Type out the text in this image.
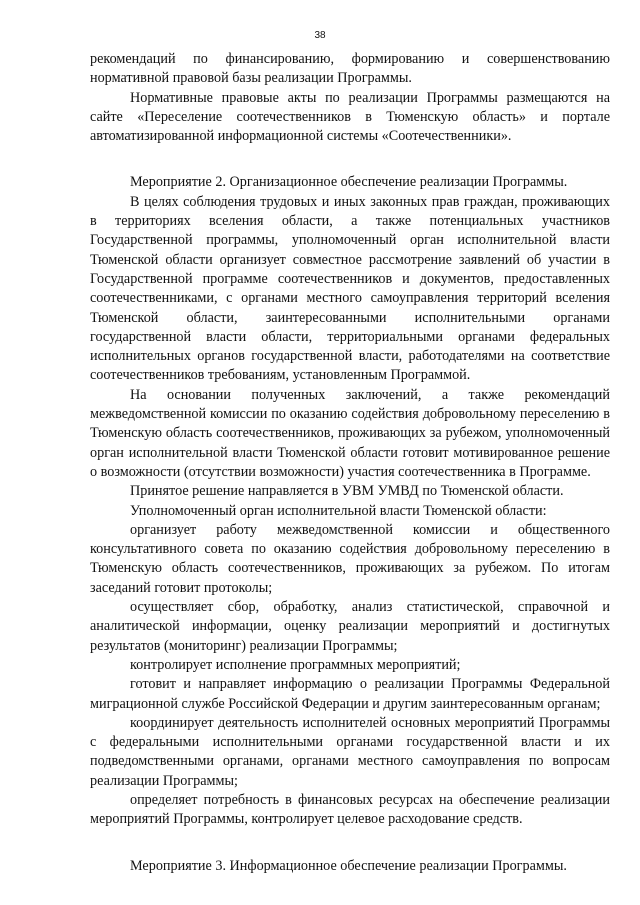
38

рекомендаций по финансированию, формированию и совершенствованию нормативной правовой базы реализации Программы.

Нормативные правовые акты по реализации Программы размещаются на сайте «Переселение соотечественников в Тюменскую область» и портале автоматизированной информационной системы «Соотечественники».

Мероприятие 2. Организационное обеспечение реализации Программы.

В целях соблюдения трудовых и иных законных прав граждан, проживающих в территориях вселения области, а также потенциальных участников Государственной программы, уполномоченный орган исполнительной власти Тюменской области организует совместное рассмотрение заявлений об участии в Государственной программе соотечественников и документов, предоставленных соотечественниками, с органами местного самоуправления территорий вселения Тюменской области, заинтересованными исполнительными органами государственной власти области, территориальными органами федеральных исполнительных органов государственной власти, работодателями на соответствие соотечественников требованиям, установленным Программой.

На основании полученных заключений, а также рекомендаций межведомственной комиссии по оказанию содействия добровольному переселению в Тюменскую область соотечественников, проживающих за рубежом, уполномоченный орган исполнительной власти Тюменской области готовит мотивированное решение о возможности (отсутствии возможности) участия соотечественника в Программе.

Принятое решение направляется в УВМ УМВД по Тюменской области.

Уполномоченный орган исполнительной власти Тюменской области:

организует работу межведомственной комиссии и общественного консультативного совета по оказанию содействия добровольному переселению в Тюменскую область соотечественников, проживающих за рубежом. По итогам заседаний готовит протоколы;

осуществляет сбор, обработку, анализ статистической, справочной и аналитической информации, оценку реализации мероприятий и достигнутых результатов (мониторинг) реализации Программы;

контролирует исполнение программных мероприятий;

готовит и направляет информацию о реализации Программы Федеральной миграционной службе Российской Федерации и другим заинтересованным органам;

координирует деятельность исполнителей основных мероприятий Программы с федеральными исполнительными органами государственной власти и их подведомственными органами, органами местного самоуправления по вопросам реализации Программы;

определяет потребность в финансовых ресурсах на обеспечение реализации мероприятий Программы, контролирует целевое расходование средств.

Мероприятие 3. Информационное обеспечение реализации Программы.
